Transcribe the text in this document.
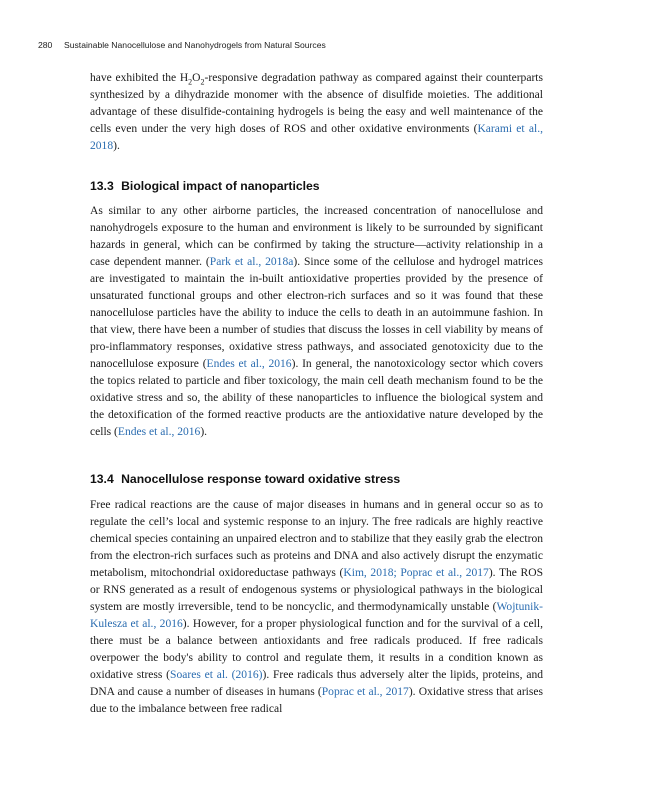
280 Sustainable Nanocellulose and Nanohydrogels from Natural Sources

have exhibited the $H_2O_2$-responsive degradation pathway as compared against their counterparts synthesized by a dihydrazide monomer with the absence of disulfide moieties. The additional advantage of these disulfide-containing hydrogels is being the easy and well maintenance of the cells even under the very high doses of ROS and other oxidative environments (Karami et al., 2018).

13.3 Biological impact of nanoparticles

As similar to any other airborne particles, the increased concentration of nanocellulose and nanohydrogels exposure to the human and environment is likely to be surrounded by significant hazards in general, which can be confirmed by taking the structure—activity relationship in a case dependent manner. (Park et al., 2018a). Since some of the cellulose and hydrogel matrices are investigated to maintain the in-built antioxidative properties provided by the presence of unsaturated functional groups and other electron-rich surfaces and so it was found that these nanocellulose particles have the ability to induce the cells to death in an autoimmune fashion. In that view, there have been a number of studies that discuss the losses in cell viability by means of pro-inflammatory responses, oxidative stress pathways, and associated genotoxicity due to the nanocellulose exposure (Endes et al., 2016). In general, the nanotoxicology sector which covers the topics related to particle and fiber toxicology, the main cell death mechanism found to be the oxidative stress and so, the ability of these nanoparticles to influence the biological system and the detoxification of the formed reactive products are the antioxidative nature developed by the cells (Endes et al., 2016).

13.4 Nanocellulose response toward oxidative stress

Free radical reactions are the cause of major diseases in humans and in general occur so as to regulate the cell’s local and systemic response to an injury. The free radicals are highly reactive chemical species containing an unpaired electron and to stabilize that they easily grab the electron from the electron-rich surfaces such as proteins and DNA and also actively disrupt the enzymatic metabolism, mitochondrial oxidoreductase pathways (Kim, 2018; Poprac et al., 2017). The ROS or RNS generated as a result of endogenous systems or physiological pathways in the biological system are mostly irreversible, tend to be noncyclic, and thermodynamically unstable (Wojtunik-Kulesza et al., 2016). However, for a proper physiological function and for the survival of a cell, there must be a balance between antioxidants and free radicals produced. If free radicals overpower the body's ability to control and regulate them, it results in a condition known as oxidative stress (Soares et al. (2016)). Free radicals thus adversely alter the lipids, proteins, and DNA and cause a number of diseases in humans (Poprac et al., 2017). Oxidative stress that arises due to the imbalance between free radical
